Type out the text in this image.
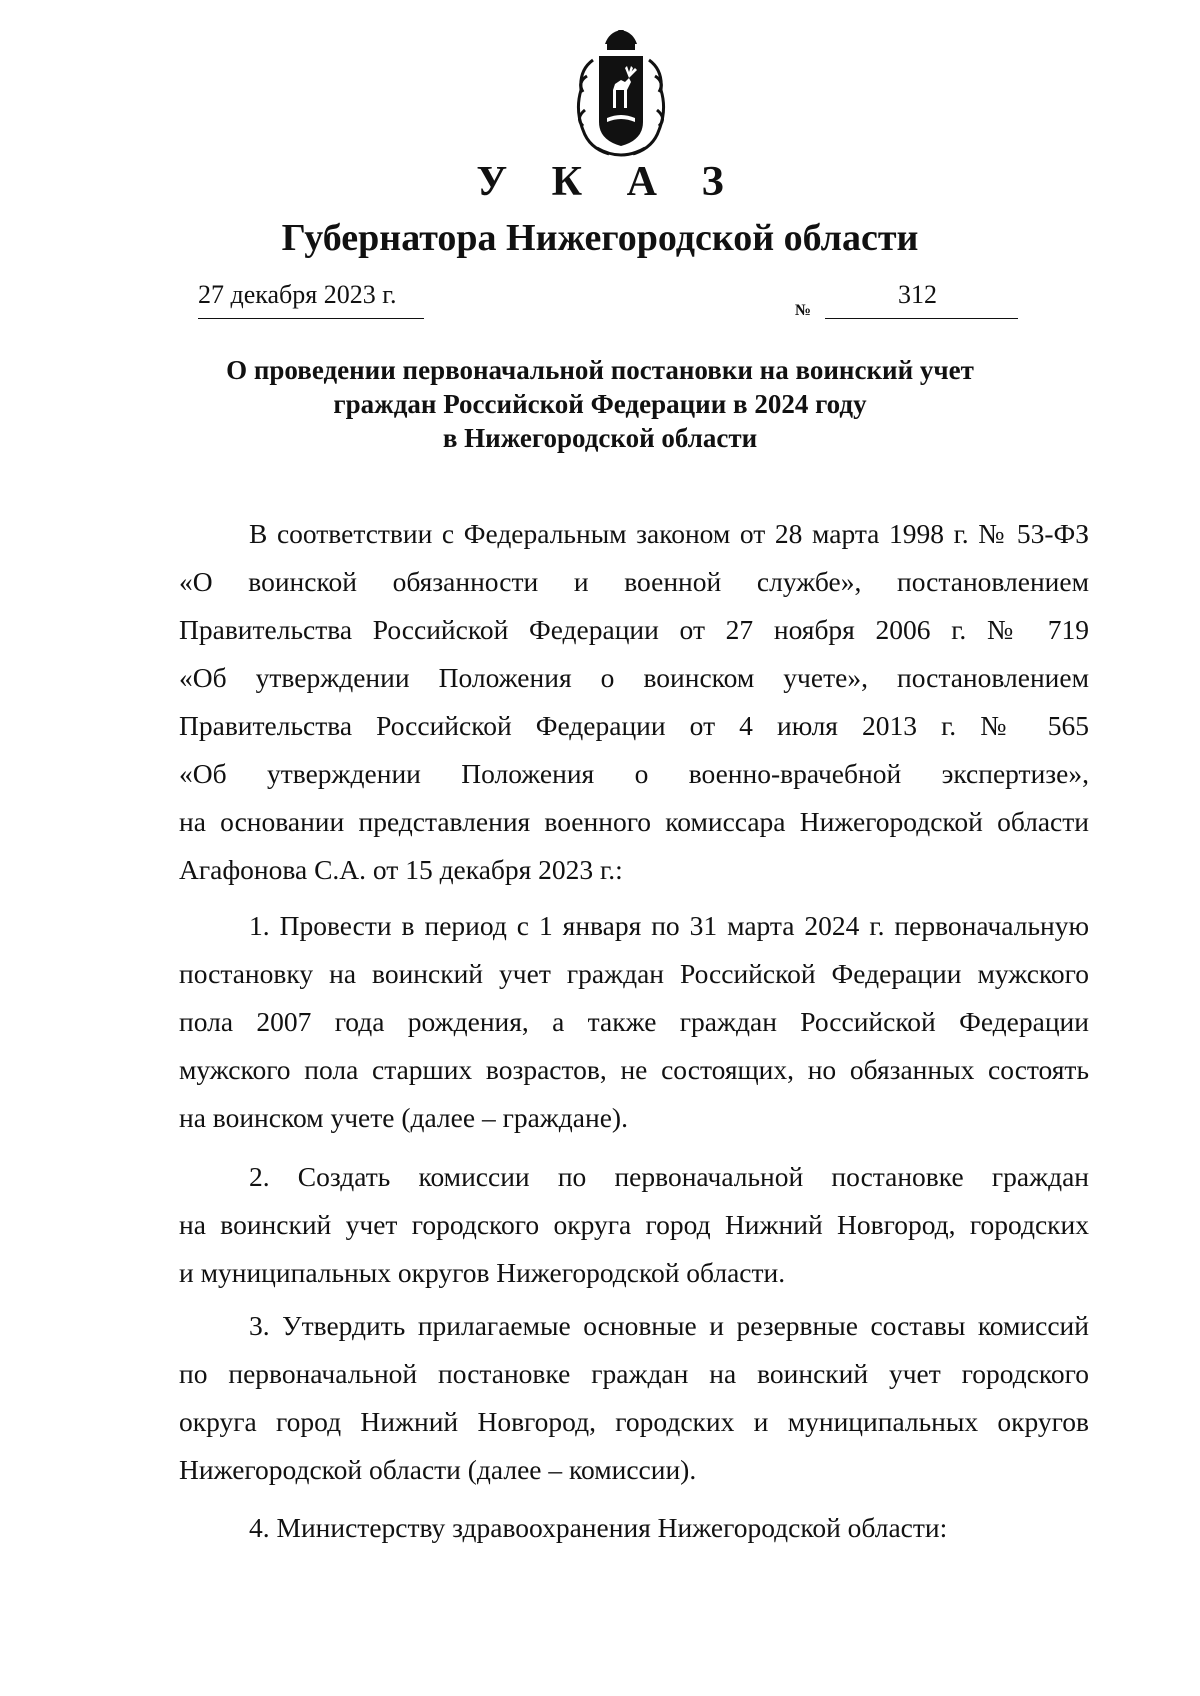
У К А З
Губернатора Нижегородской области
27 декабря 2023 г.
№
312
О проведении первоначальной постановки на воинский учет
граждан Российской Федерации в 2024 году
в Нижегородской области
В соответствии с Федеральным законом от 28 марта 1998 г. № 53-ФЗ
«О воинской обязанности и военной службе», постановлением
Правительства Российской Федерации от 27 ноября 2006 г. № 719
«Об утверждении Положения о воинском учете», постановлением
Правительства Российской Федерации от 4 июля 2013 г. № 565
«Об утверждении Положения о военно-врачебной экспертизе»,
на основании представления военного комиссара Нижегородской области
Агафонова С.А. от 15 декабря 2023 г.:
1. Провести в период с 1 января по 31 марта 2024 г. первоначальную
постановку на воинский учет граждан Российской Федерации мужского
пола 2007 года рождения, а также граждан Российской Федерации
мужского пола старших возрастов, не состоящих, но обязанных состоять
на воинском учете (далее – граждане).
2. Создать комиссии по первоначальной постановке граждан
на воинский учет городского округа город Нижний Новгород, городских
и муниципальных округов Нижегородской области.
3. Утвердить прилагаемые основные и резервные составы комиссий
по первоначальной постановке граждан на воинский учет городского
округа город Нижний Новгород, городских и муниципальных округов
Нижегородской области (далее – комиссии).
4. Министерству здравоохранения Нижегородской области:
